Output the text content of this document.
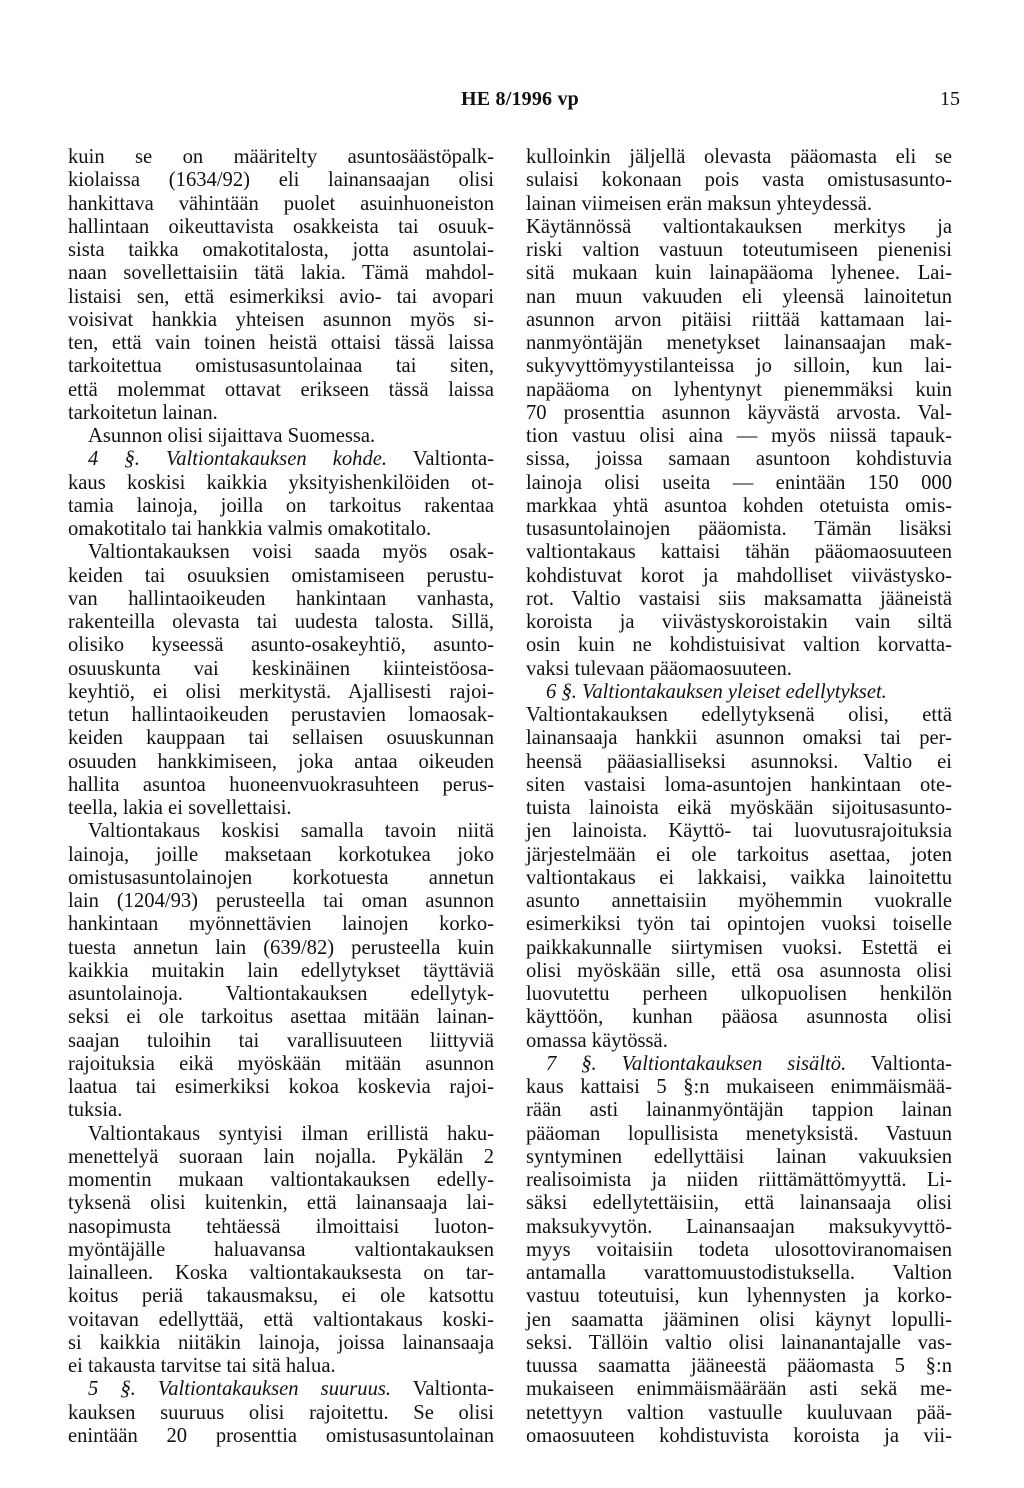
HE 8/1996 vp	15
kuin se on määritelty asuntosäästöpalk-
kiolaissa (1634/92) eli lainansaajan olisi
hankittava vähintään puolet asuinhuoneiston
hallintaan oikeuttavista osakkeista tai osuuk-
sista taikka omakotitalosta, jotta asuntolai-
naan sovellettaisiin tätä lakia. Tämä mahdol-
listaisi sen, että esimerkiksi avio- tai avopari
voisivat hankkia yhteisen asunnon myös si-
ten, että vain toinen heistä ottaisi tässä laissa
tarkoitettua omistusasuntolainaa tai siten,
että molemmat ottavat erikseen tässä laissa
tarkoitetun lainan.
Asunnon olisi sijaittava Suomessa.
4 §. Valtiontakauksen kohde. Valtionta-
kaus koskisi kaikkia yksityishenkilöiden ot-
tamia lainoja, joilla on tarkoitus rakentaa
omakotitalo tai hankkia valmis omakotitalo.
Valtiontakauksen voisi saada myös osak-
keiden tai osuuksien omistamiseen perustu-
van hallintaoikeuden hankintaan vanhasta,
rakenteilla olevasta tai uudesta talosta. Sillä,
olisiko kyseessä asunto-osakeyhtiö, asunto-
osuuskunta vai keskinäinen kiinteistöosa-
keyhtiö, ei olisi merkitystä. Ajallisesti rajoi-
tetun hallintaoikeuden perustavien lomaosak-
keiden kauppaan tai sellaisen osuuskunnan
osuuden hankkimiseen, joka antaa oikeuden
hallita asuntoa huoneenvuokrasuhteen perus-
teella, lakia ei sovellettaisi.
Valtiontakaus koskisi samalla tavoin niitä
lainoja, joille maksetaan korkotukea joko
omistusasuntolainojen korkotuesta annetun
lain (1204/93) perusteella tai oman asunnon
hankintaan myönnettävien lainojen korko-
tuesta annetun lain (639/82) perusteella kuin
kaikkia muitakin lain edellytykset täyttäviä
asuntolainoja. Valtiontakauksen edellytyk-
seksi ei ole tarkoitus asettaa mitään lainan-
saajan tuloihin tai varallisuuteen liittyviä
rajoituksia eikä myöskään mitään asunnon
laatua tai esimerkiksi kokoa koskevia rajoi-
tuksia.
Valtiontakaus syntyisi ilman erillistä haku-
menettelyä suoraan lain nojalla. Pykälän 2
momentin mukaan valtiontakauksen edelly-
tyksenä olisi kuitenkin, että lainansaaja lai-
nasopimusta tehtäessä ilmoittaisi luoton-
myöntäjälle haluavansa valtiontakauksen
lainalleen. Koska valtiontakauksesta on tar-
koitus periä takausmaksu, ei ole katsottu
voitavan edellyttää, että valtiontakaus koski-
si kaikkia niitäkin lainoja, joissa lainansaaja
ei takausta tarvitse tai sitä halua.
5 §. Valtiontakauksen suuruus. Valtionta-
kauksen suuruus olisi rajoitettu. Se olisi
enintään 20 prosenttia omistusasuntolainan
kulloinkin jäljellä olevasta pääomasta eli se
sulaisi kokonaan pois vasta omistusasunto-
lainan viimeisen erän maksun yhteydessä.
Käytännössä valtiontakauksen merkitys ja
riski valtion vastuun toteutumiseen pienenisi
sitä mukaan kuin lainapääoma lyhenee. Lai-
nan muun vakuuden eli yleensä lainoitetun
asunnon arvon pitäisi riittää kattamaan lai-
nanmyöntäjän menetykset lainansaajan mak-
sukyvyttömyystilanteissa jo silloin, kun lai-
napääoma on lyhentynyt pienemmäksi kuin
70 prosenttia asunnon käyvästä arvosta. Val-
tion vastuu olisi aina — myös niissä tapauk-
sissa, joissa samaan asuntoon kohdistuvia
lainoja olisi useita — enintään 150 000
markkaa yhtä asuntoa kohden otetuista omis-
tusasuntolainojen pääomista. Tämän lisäksi
valtiontakaus kattaisi tähän pääomaosuuteen
kohdistuvat korot ja mahdolliset viivästysko-
rot. Valtio vastaisi siis maksamatta jääneistä
koroista ja viivästyskoroistakin vain siltä
osin kuin ne kohdistuisivat valtion korvatta-
vaksi tulevaan pääomaosuuteen.
6 §. Valtiontakauksen yleiset edellytykset.
Valtiontakauksen edellytyksenä olisi, että
lainansaaja hankkii asunnon omaksi tai per-
heensä pääasialliseksi asunnoksi. Valtio ei
siten vastaisi loma-asuntojen hankintaan ote-
tuista lainoista eikä myöskään sijoitusasunto-
jen lainoista. Käyttö- tai luovutusrajoituksia
järjestelmään ei ole tarkoitus asettaa, joten
valtiontakaus ei lakkaisi, vaikka lainoitettu
asunto annettaisiin myöhemmin vuokralle
esimerkiksi työn tai opintojen vuoksi toiselle
paikkakunnalle siirtymisen vuoksi. Estettä ei
olisi myöskään sille, että osa asunnosta olisi
luovutettu perheen ulkopuolisen henkilön
käyttöön, kunhan pääosa asunnosta olisi
omassa käytössä.
7 §. Valtiontakauksen sisältö. Valtionta-
kaus kattaisi 5 §:n mukaiseen enimmäismää-
rään asti lainanmyöntäjän tappion lainan
pääoman lopullisista menetyksistä. Vastuun
syntyminen edellyttäisi lainan vakuuksien
realisoimista ja niiden riittämättömyyttä. Li-
säksi edellytettäisiin, että lainansaaja olisi
maksukyvytön. Lainansaajan maksukyvyttö-
myys voitaisiin todeta ulosottoviranomaisen
antamalla varattomuustodistuksella. Valtion
vastuu toteutuisi, kun lyhennysten ja korko-
jen saamatta jääminen olisi käynyt lopulli-
seksi. Tällöin valtio olisi lainanantajalle vas-
tuussa saamatta jääneestä pääomasta 5 §:n
mukaiseen enimmäismäärään asti sekä me-
netettyyn valtion vastuulle kuuluvaan pää-
omaosuuteen kohdistuvista koroista ja vii-
